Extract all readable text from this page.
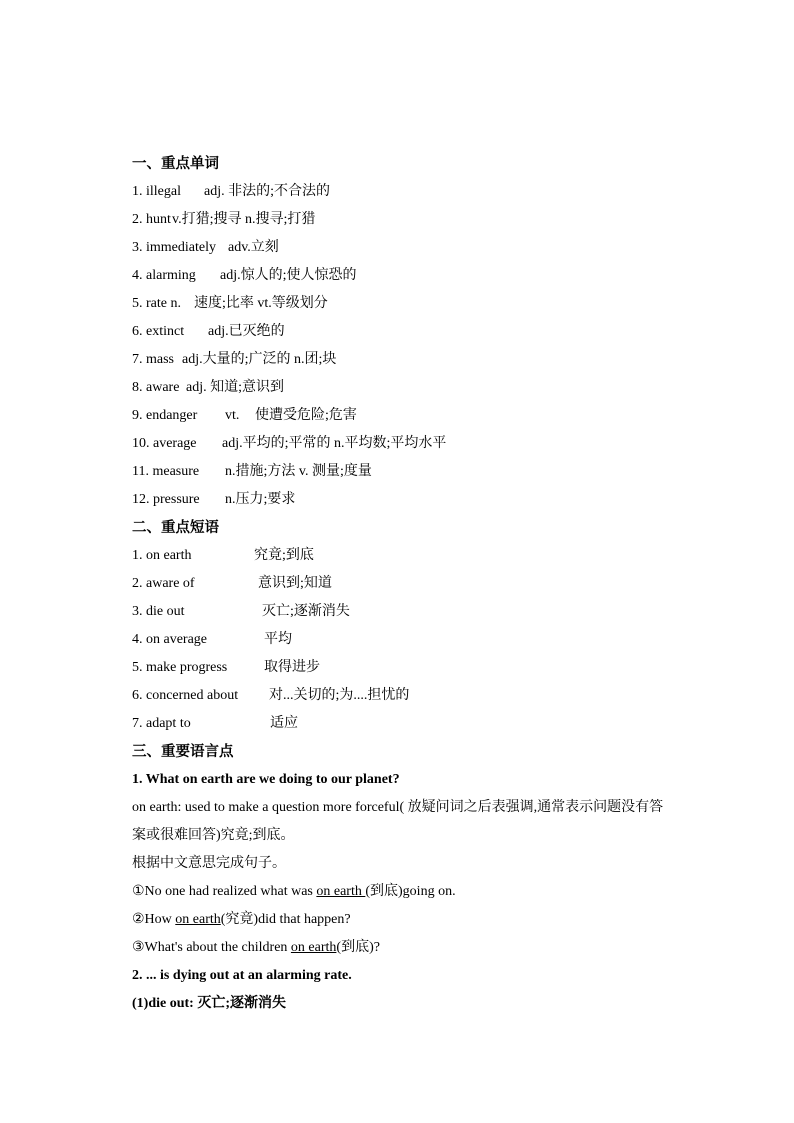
一、重点单词
1. illegal adj. 非法的;不合法的
2. huntv.打猎;搜寻 n.搜寻;打猎
3. immediately adv.立刻
4. alarming adj.惊人的;使人惊恐的
5. rate n. 速度;比率 vt.等级划分
6. extinct adj.已灭绝的
7. mass adj.大量的;广泛的 n.团;块
8. aware adj. 知道;意识到
9. endanger vt. 使遭受危险;危害
10. average adj.平均的;平常的 n.平均数;平均水平
11. measure n.措施;方法 v. 测量;度量
12. pressure n.压力;要求
二、重点短语
1. on earth	究竟;到底
2. aware of	意识到;知道
3. die out	灭亡;逐渐消失
4. on average	平均
5. make progress	取得进步
6. concerned about 对...关切的;为....担忧的
7. adapt to	适应
三、重要语言点
1. What on earth are we doing to our planet?
on earth: used to make a question more forceful( 放疑问词之后表强调,通常表示问题没有答案或很难回答)究竟;到底。
根据中文意思完成句子。
①No one had realized what was on earth (到底)going on.
②How on earth(究竟)did that happen?
③What's about the children on earth(到底)?
2. ... is dying out at an alarming rate.
(1)die out: 灭亡;逐渐消失
